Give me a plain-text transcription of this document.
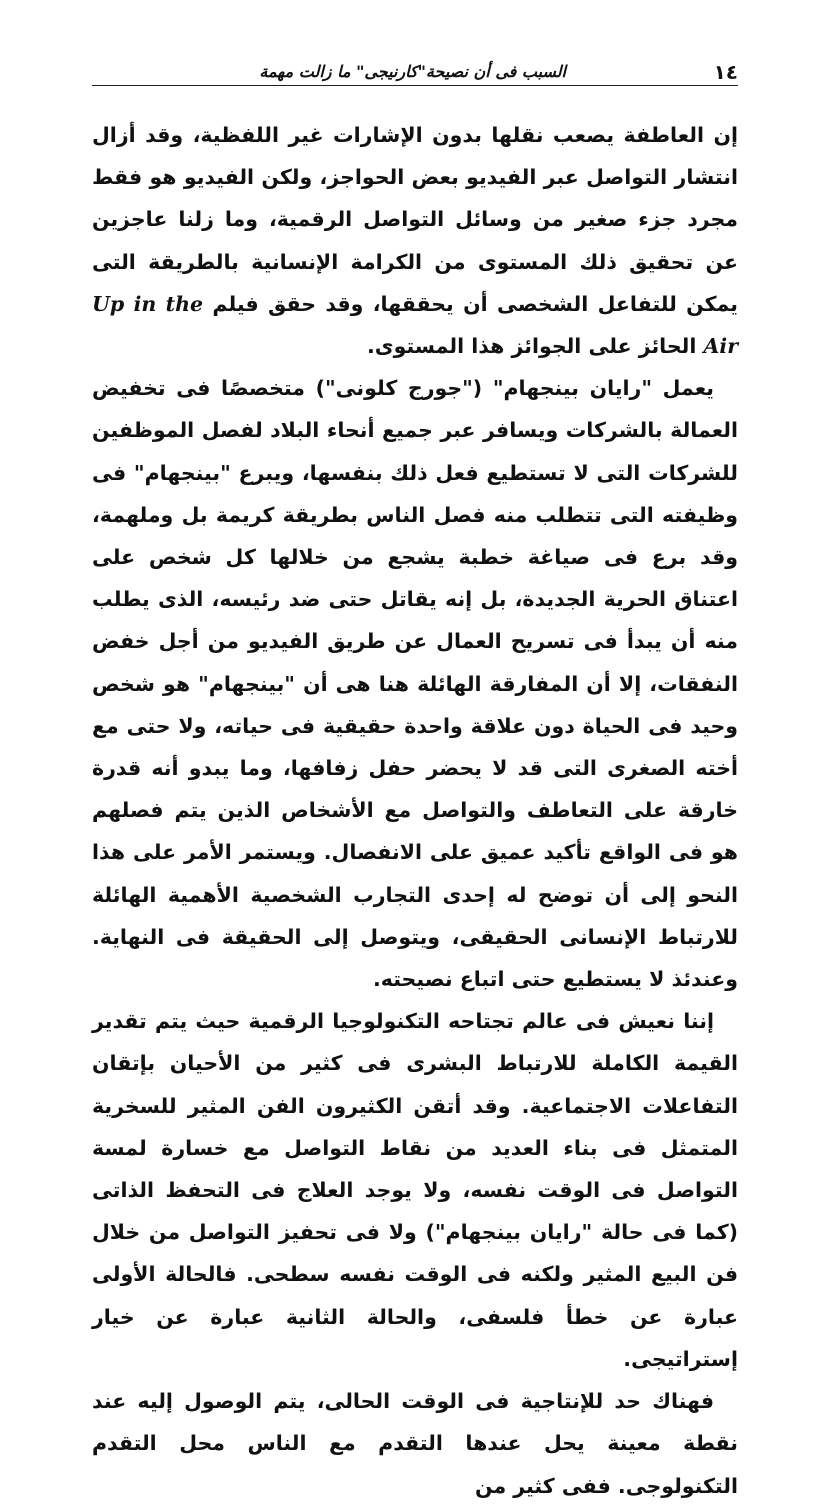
١٤
السبب فى أن نصيحة"كارنيجى" ما زالت مهمة

إن العاطفة يصعب نقلها بدون الإشارات غير اللفظية، وقد أزال انتشار التواصل عبر الفيديو بعض الحواجز، ولكن الفيديو هو فقط مجرد جزء صغير من وسائل التواصل الرقمية، وما زلنا عاجزين عن تحقيق ذلك المستوى من الكرامة الإنسانية بالطريقة التى يمكن للتفاعل الشخصى أن يحققها، وقد حقق فيلم Up in the Air الحائز على الجوائز هذا المستوى.

يعمل "رايان بينجهام" ("جورج كلونى") متخصصًا فى تخفيض العمالة بالشركات ويسافر عبر جميع أنحاء البلاد لفصل الموظفين للشركات التى لا تستطيع فعل ذلك بنفسها، ويبرع "بينجهام" فى وظيفته التى تتطلب منه فصل الناس بطريقة كريمة بل وملهمة، وقد برع فى صياغة خطبة يشجع من خلالها كل شخص على اعتناق الحرية الجديدة، بل إنه يقاتل حتى ضد رئيسه، الذى يطلب منه أن يبدأ فى تسريح العمال عن طريق الفيديو من أجل خفض النفقات، إلا أن المفارقة الهائلة هنا هى أن "بينجهام" هو شخص وحيد فى الحياة دون علاقة واحدة حقيقية فى حياته، ولا حتى مع أخته الصغرى التى قد لا يحضر حفل زفافها، وما يبدو أنه قدرة خارقة على التعاطف والتواصل مع الأشخاص الذين يتم فصلهم هو فى الواقع تأكيد عميق على الانفصال. ويستمر الأمر على هذا النحو إلى أن توضح له إحدى التجارب الشخصية الأهمية الهائلة للارتباط الإنسانى الحقيقى، ويتوصل إلى الحقيقة فى النهاية. وعندئذ لا يستطيع حتى اتباع نصيحته.

إننا نعيش فى عالم تجتاحه التكنولوجيا الرقمية حيث يتم تقدير القيمة الكاملة للارتباط البشرى فى كثير من الأحيان بإتقان التفاعلات الاجتماعية. وقد أتقن الكثيرون الفن المثير للسخرية المتمثل فى بناء العديد من نقاط التواصل مع خسارة لمسة التواصل فى الوقت نفسه، ولا يوجد العلاج فى التحفظ الذاتى (كما فى حالة "رايان بينجهام") ولا فى تحفيز التواصل من خلال فن البيع المثير ولكنه فى الوقت نفسه سطحى. فالحالة الأولى عبارة عن خطأ فلسفى، والحالة الثانية عبارة عن خيار إستراتيجى.

فهناك حد للإنتاجية فى الوقت الحالى، يتم الوصول إليه عند نقطة معينة يحل عندها التقدم مع الناس محل التقدم التكنولوجى. ففى كثير من
